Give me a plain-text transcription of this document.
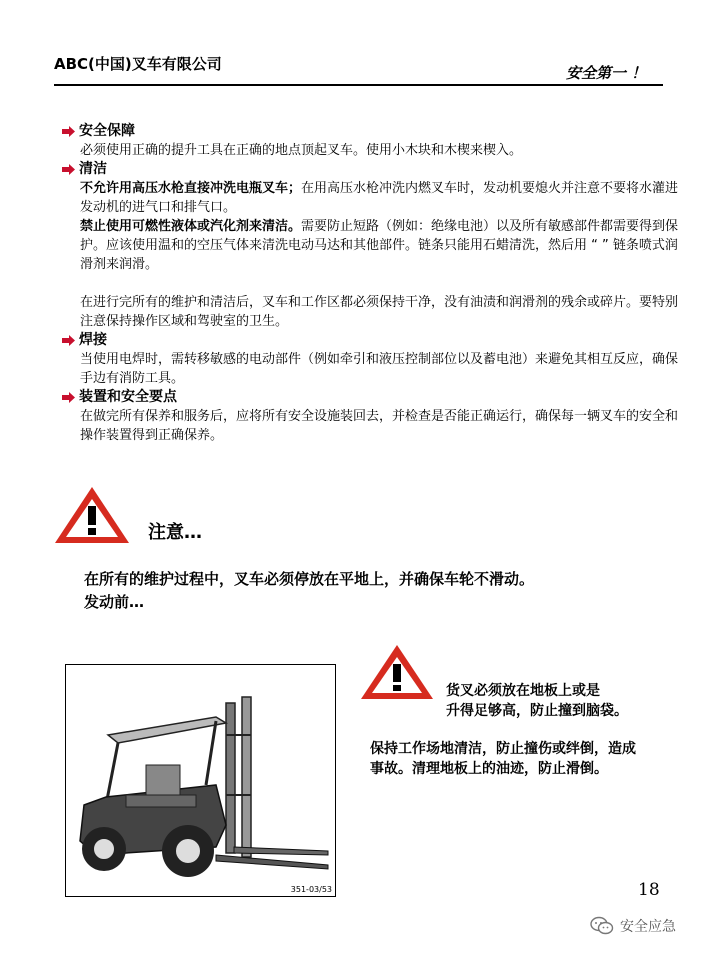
ABC(中国)叉车有限公司	安全第一 ！
安全保障
必须使用正确的提升工具在正确的地点顶起叉车。使用小木块和木楔来楔入。
清洁
不允许用高压水枪直接冲洗电瓶叉车；在用高压水枪冲洗内燃叉车时，发动机要熄火并注意不要将水灌进发动机的进气口和排气口。
禁止使用可燃性液体或汽化剂来清洁。需要防止短路（例如：绝缘电池）以及所有敏感部件都需要得到保护。应该使用温和的空压气体来清洗电动马达和其他部件。链条只能用石蜡清洗，然后用 “ ” 链条喷式润滑剂来润滑。
在进行完所有的维护和清洁后，叉车和工作区都必须保持干净，没有油渍和润滑剂的残余或碎片。要特别注意保持操作区域和驾驶室的卫生。
焊接
当使用电焊时，需转移敏感的电动部件（例如牵引和液压控制部位以及蓄电池）来避免其相互反应，确保手边有消防工具。
装置和安全要点
在做完所有保养和服务后，应将所有安全设施装回去，并检查是否能正确运行，确保每一辆叉车的安全和操作装置得到正确保养。
注意…
在所有的维护过程中，叉车必须停放在平地上，并确保车轮不滑动。
发动前…
351-03/53
货叉必须放在地板上或是
升得足够高，防止撞到脑袋。
保持工作场地清洁，防止撞伤或绊倒，造成
事故。清理地板上的油迹，防止滑倒。
18
安全应急
